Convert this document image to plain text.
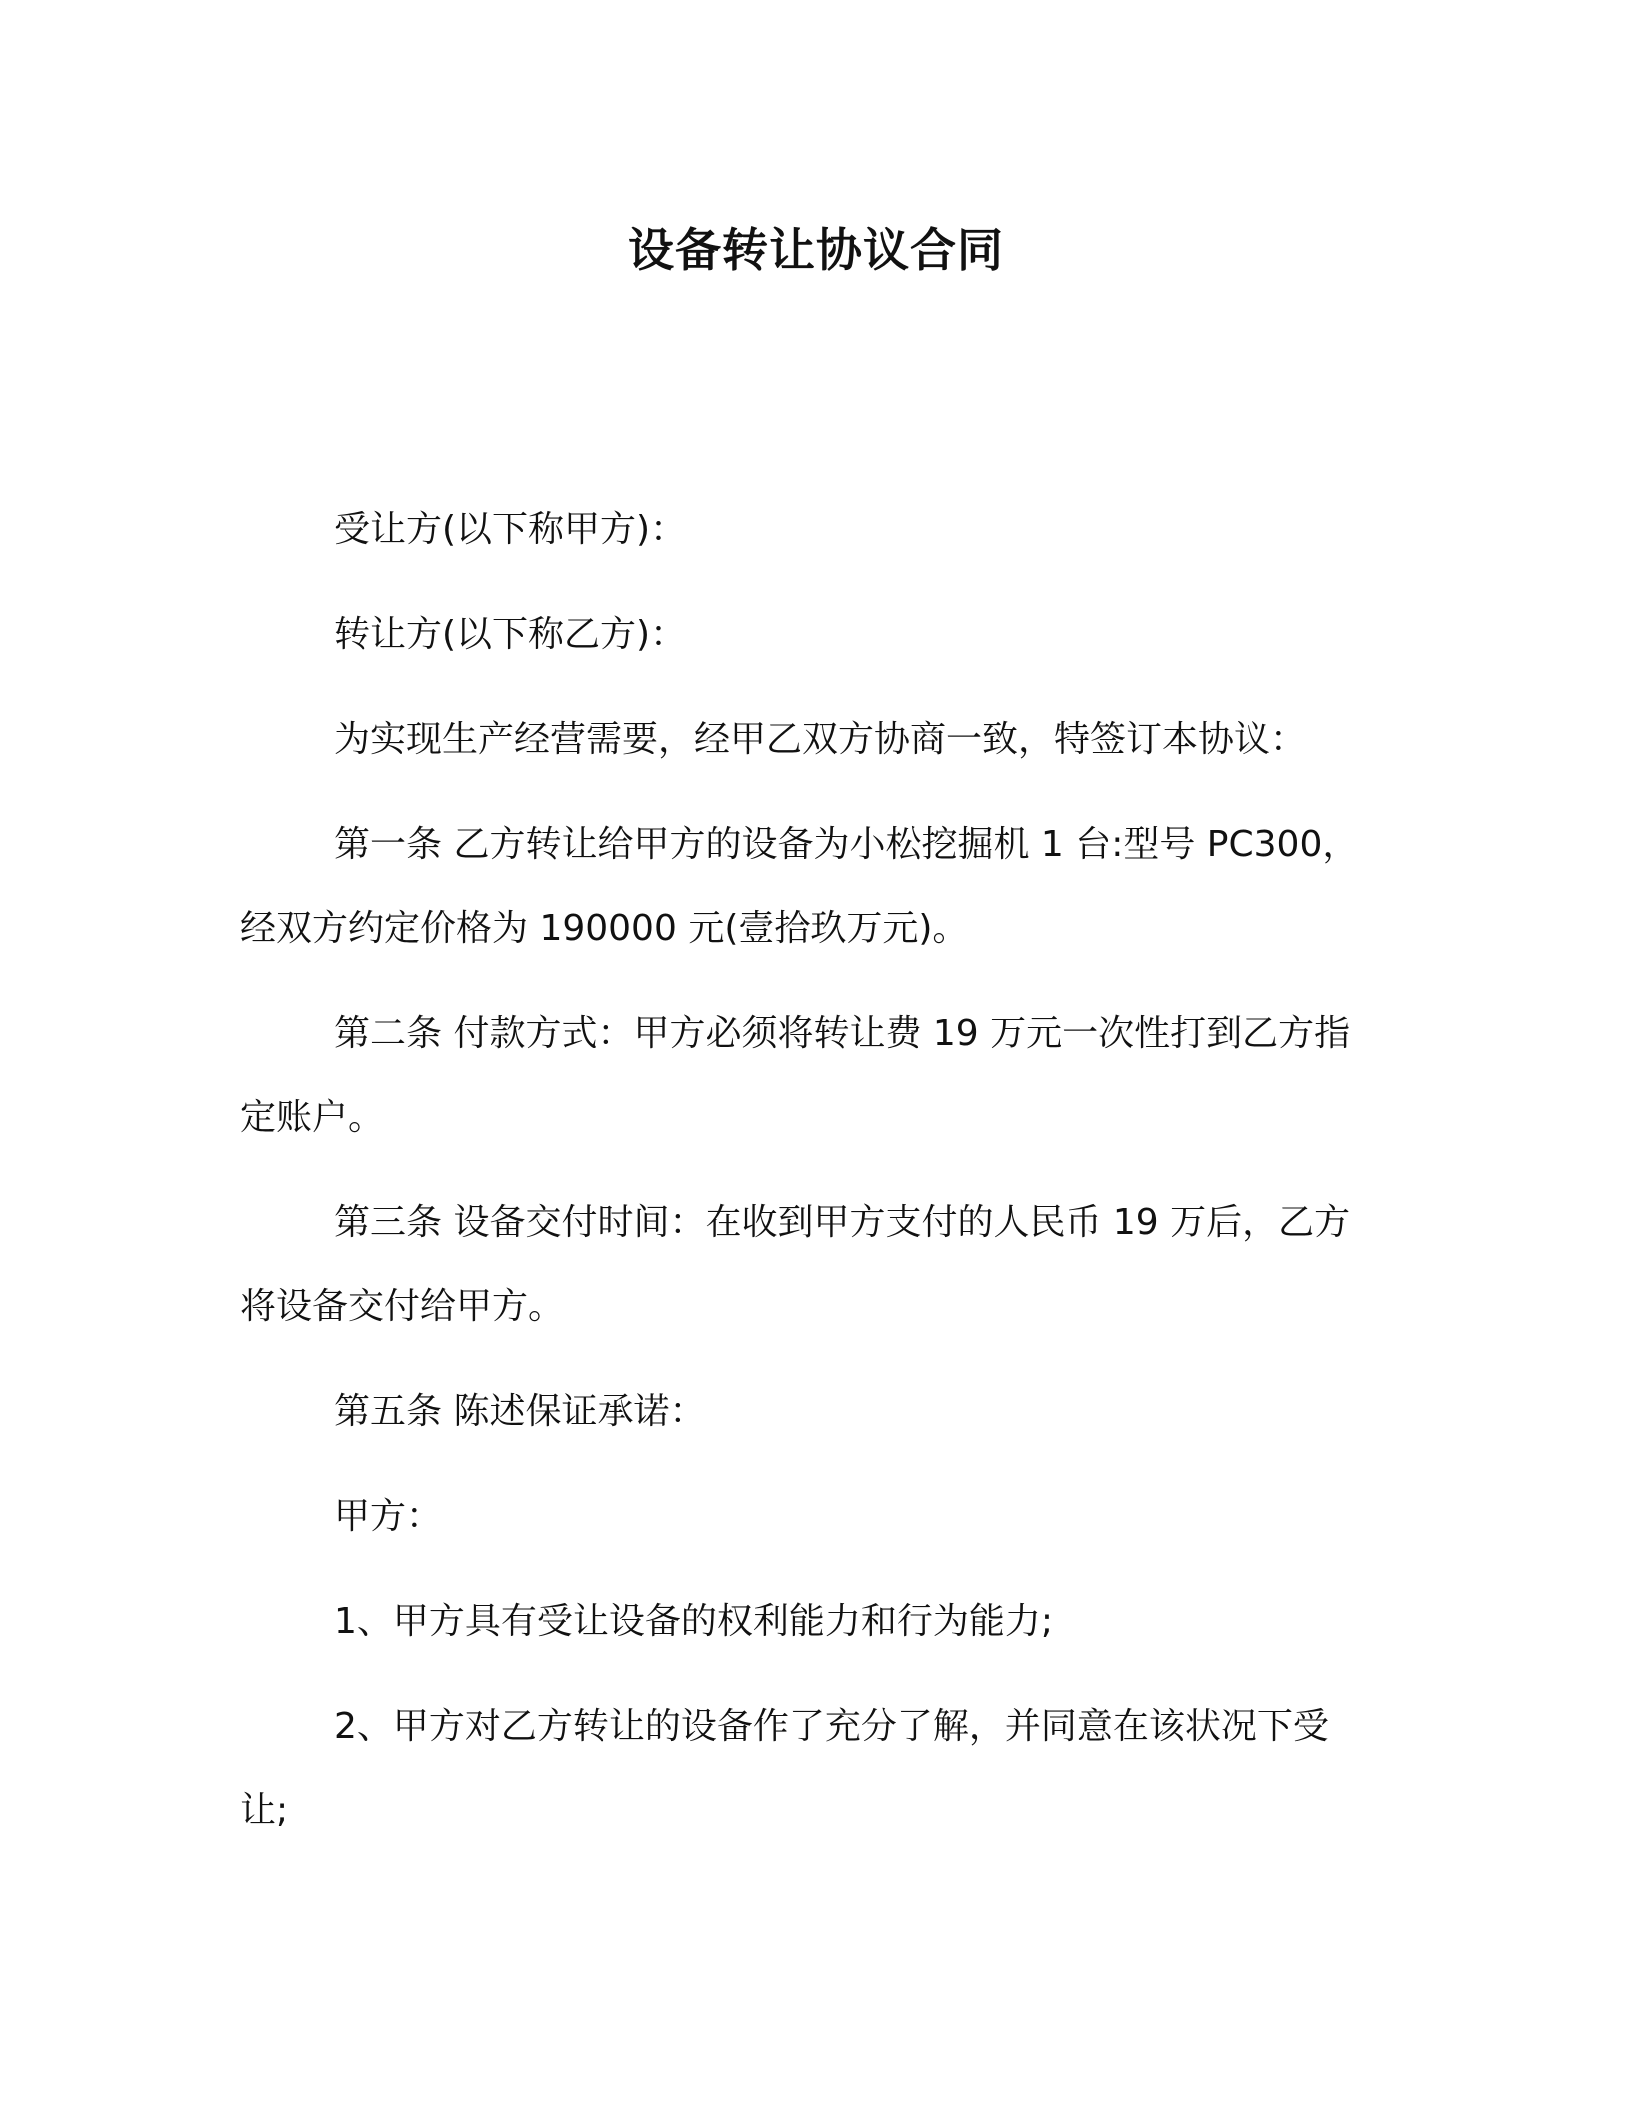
设备转让协议合同

受让方(以下称甲方)：

转让方(以下称乙方)：

为实现生产经营需要，经甲乙双方协商一致，特签订本协议：

第一条 乙方转让给甲方的设备为小松挖掘机 1 台:型号 PC300，经双方约定价格为 190000 元(壹拾玖万元)。

第二条 付款方式：甲方必须将转让费 19 万元一次性打到乙方指定账户。

第三条 设备交付时间：在收到甲方支付的人民币 19 万后，乙方将设备交付给甲方。

第五条 陈述保证承诺：

甲方：

1、甲方具有受让设备的权利能力和行为能力;

2、甲方对乙方转让的设备作了充分了解，并同意在该状况下受让;
